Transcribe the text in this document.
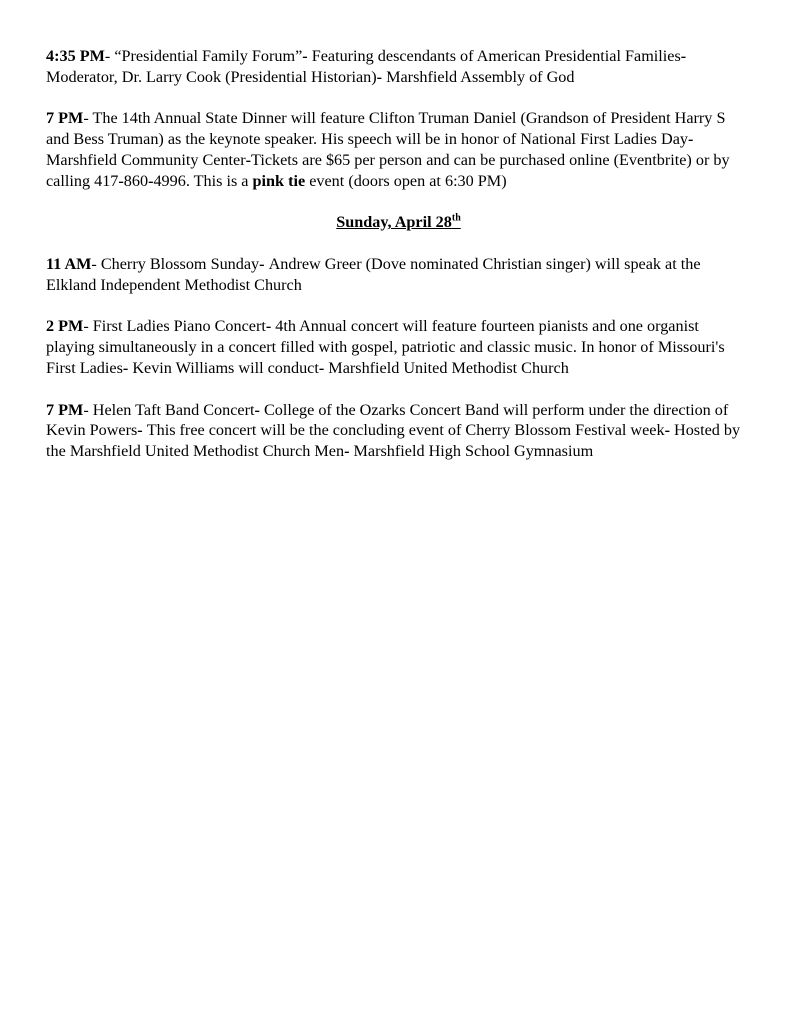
4:35 PM- “Presidential Family Forum”- Featuring descendants of American Presidential Families- Moderator, Dr. Larry Cook (Presidential Historian)- Marshfield Assembly of God

7 PM- The 14th Annual State Dinner will feature Clifton Truman Daniel (Grandson of President Harry S and Bess Truman) as the keynote speaker. His speech will be in honor of National First Ladies Day- Marshfield Community Center-Tickets are $65 per person and can be purchased online (Eventbrite) or by calling 417-860-4996. This is a pink tie event (doors open at 6:30 PM)

Sunday, April 28th

11 AM- Cherry Blossom Sunday- Andrew Greer (Dove nominated Christian singer) will speak at the Elkland Independent Methodist Church

2 PM- First Ladies Piano Concert- 4th Annual concert will feature fourteen pianists and one organist playing simultaneously in a concert filled with gospel, patriotic and classic music. In honor of Missouri's First Ladies- Kevin Williams will conduct- Marshfield United Methodist Church

7 PM- Helen Taft Band Concert- College of the Ozarks Concert Band will perform under the direction of Kevin Powers- This free concert will be the concluding event of Cherry Blossom Festival week- Hosted by the Marshfield United Methodist Church Men- Marshfield High School Gymnasium
